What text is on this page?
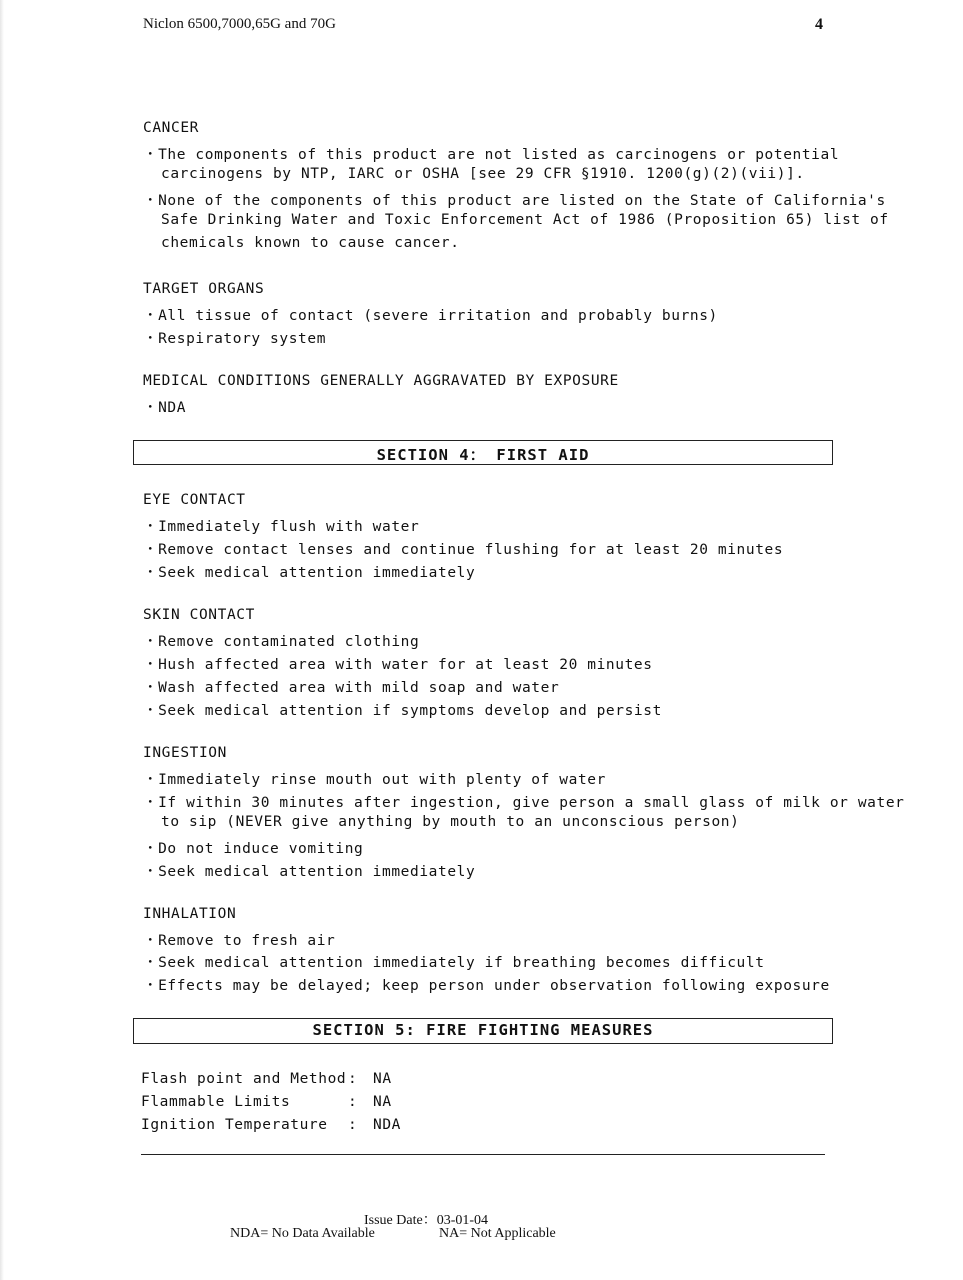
Niclon 6500,7000,65G and 70G	4
CANCER
・The components of this product are not listed as carcinogens or potential
carcinogens by NTP, IARC or OSHA [see 29 CFR §1910. 1200(g)(2)(vii)].
・None of the components of this product are listed on the State of California's
Safe Drinking Water and Toxic Enforcement Act of 1986 (Proposition 65) list of
chemicals known to cause cancer.
TARGET ORGANS
・All tissue of contact (severe irritation and probably burns)
・Respiratory system
MEDICAL CONDITIONS GENERALLY AGGRAVATED BY EXPOSURE
・NDA
SECTION 4： FIRST AID
EYE CONTACT
・Immediately flush with water
・Remove contact lenses and continue flushing for at least 20 minutes
・Seek medical attention immediately
SKIN CONTACT
・Remove contaminated clothing
・Hush affected area with water for at least 20 minutes
・Wash affected area with mild soap and water
・Seek medical attention if symptoms develop and persist
INGESTION
・Immediately rinse mouth out with plenty of water
・If within 30 minutes after ingestion, give person a small glass of milk or water
to sip (NEVER give anything by mouth to an unconscious person)
・Do not induce vomiting
・Seek medical attention immediately
INHALATION
・Remove to fresh air
・Seek medical attention immediately if breathing becomes difficult
・Effects may be delayed; keep person under observation following exposure
SECTION 5: FIRE FIGHTING MEASURES
Flash point and Method : NA
Flammable Limits	: NA
Ignition Temperature : NDA
Issue Date：03-01-04
NDA= No Data Available	NA= Not Applicable
